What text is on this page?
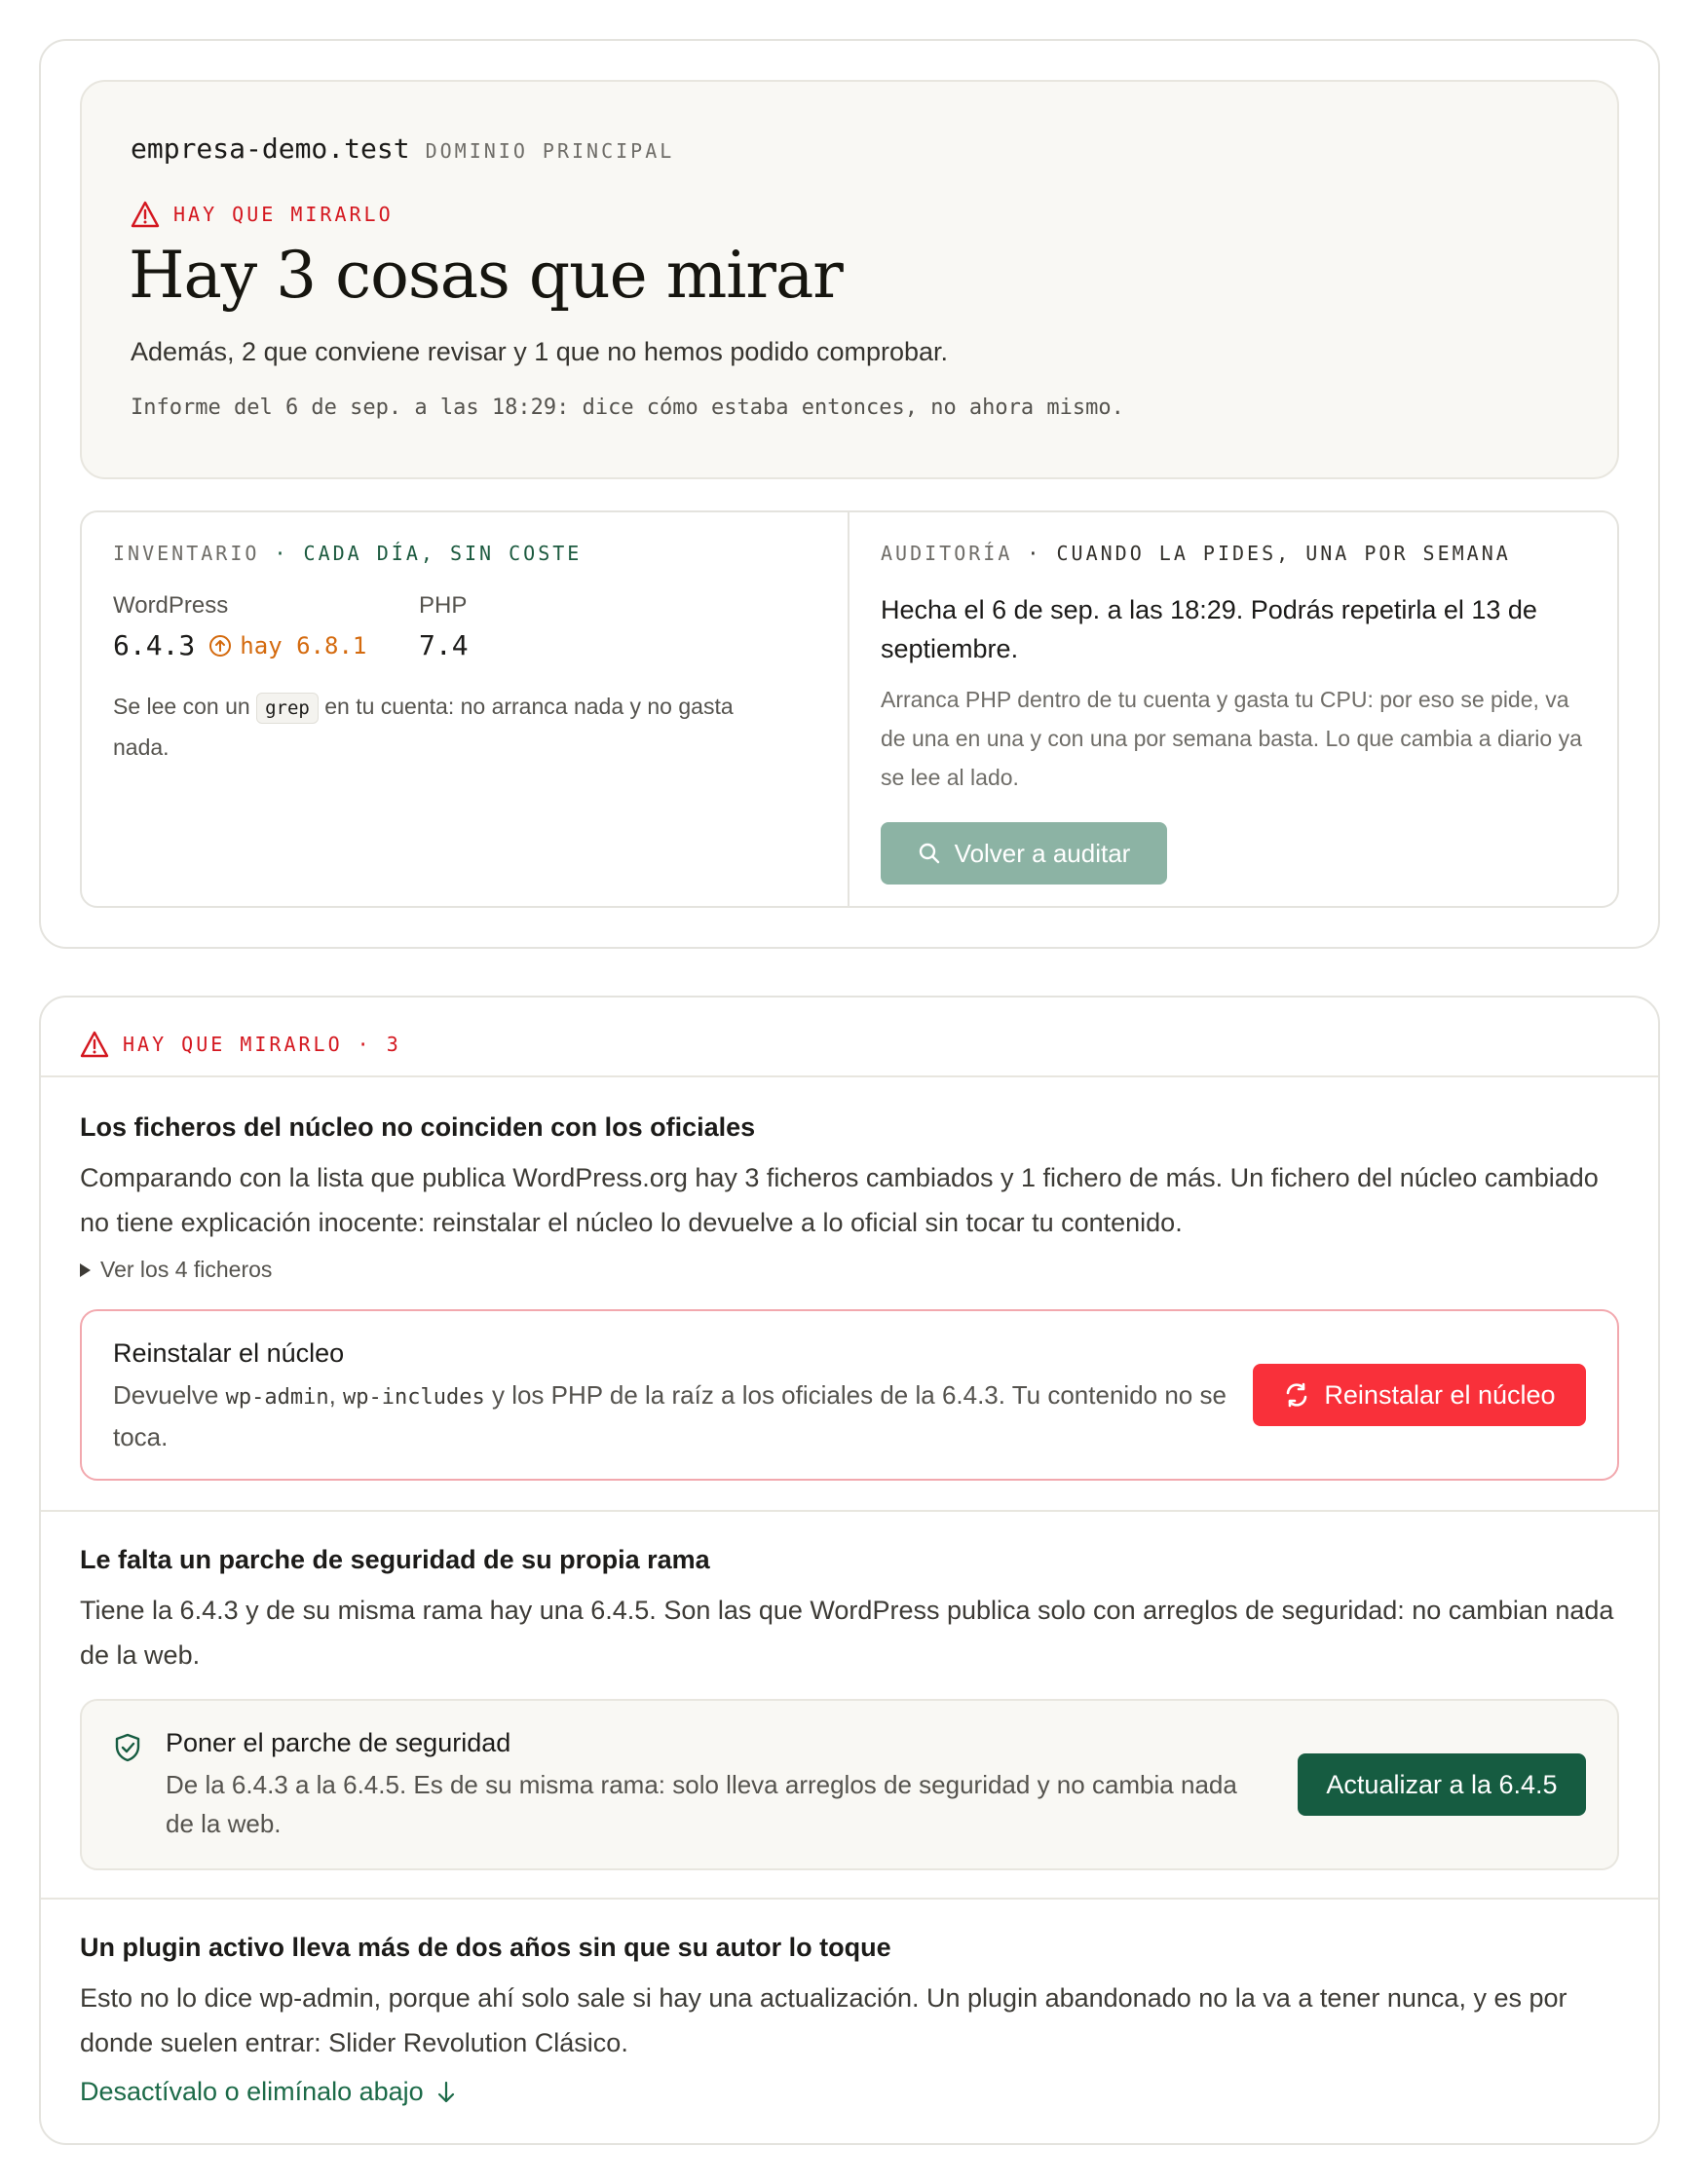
empresa-demo.test DOMINIO PRINCIPAL
HAY QUE MIRARLO
Hay 3 cosas que mirar

Además, 2 que conviene revisar y 1 que no hemos podido comprobar.

Informe del 6 de sep. a las 18:29: dice cómo estaba entonces, no ahora mismo.

INVENTARIO · CADA DÍA, SIN COSTE
WordPress
6.4.3 hay 6.8.1
PHP
7.4

Se lee con un grep en tu cuenta: no arranca nada y no gasta nada.

AUDITORÍA · CUANDO LA PIDES, UNA POR SEMANA

Hecha el 6 de sep. a las 18:29. Podrás repetirla el 13 de septiembre.

Arranca PHP dentro de tu cuenta y gasta tu CPU: por eso se pide, va de una en una y con una por semana basta. Lo que cambia a diario ya se lee al lado.

Volver a auditar
HAY QUE MIRARLO · 3
Los ficheros del núcleo no coinciden con los oficiales

Comparando con la lista que publica WordPress.org hay 3 ficheros cambiados y 1 fichero de más. Un fichero del núcleo cambiado no tiene explicación inocente: reinstalar el núcleo lo devuelve a lo oficial sin tocar tu contenido.

Ver los 4 ficheros
Reinstalar el núcleo

Devuelve wp-admin, wp-includes y los PHP de la raíz a los oficiales de la 6.4.3. Tu contenido no se toca.

Reinstalar el núcleo
Le falta un parche de seguridad de su propia rama

Tiene la 6.4.3 y de su misma rama hay una 6.4.5. Son las que WordPress publica solo con arreglos de seguridad: no cambian nada de la web.

Poner el parche de seguridad

De la 6.4.3 a la 6.4.5. Es de su misma rama: solo lleva arreglos de seguridad y no cambia nada de la web.

Actualizar a la 6.4.5
Un plugin activo lleva más de dos años sin que su autor lo toque

Esto no lo dice wp-admin, porque ahí solo sale si hay una actualización. Un plugin abandonado no la va a tener nunca, y es por donde suelen entrar: Slider Revolution Clásico.

Desactívalo o elimínalo abajo
